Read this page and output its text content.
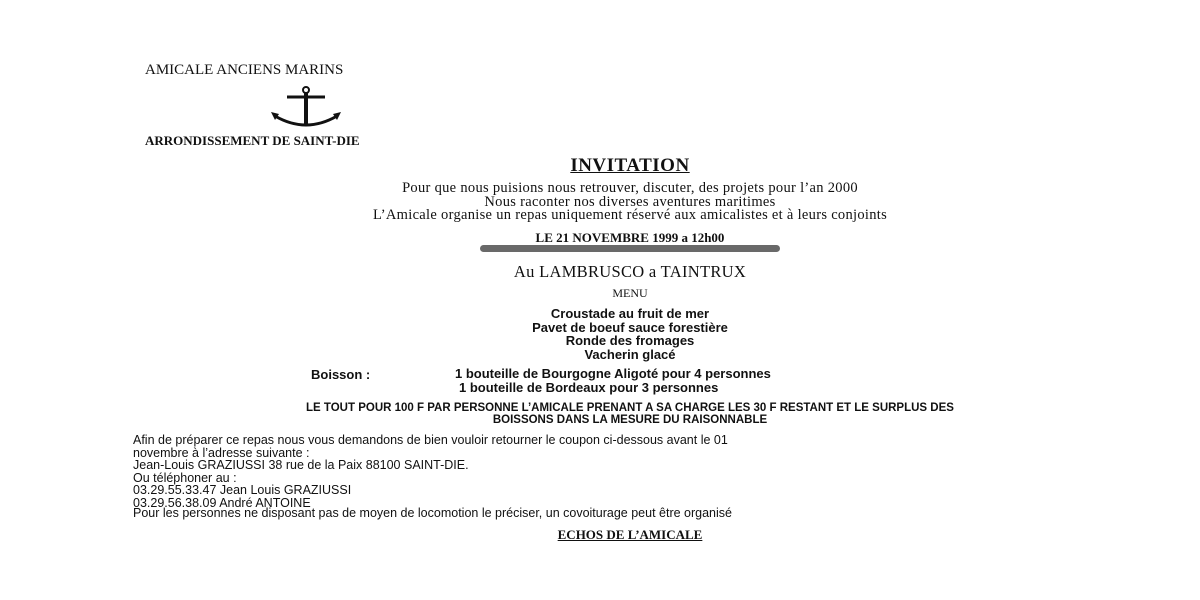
AMICALE ANCIENS MARINS
ARRONDISSEMENT DE SAINT-DIE
INVITATION
Pour que nous puisions nous retrouver, discuter, des projets pour l’an 2000
Nous raconter nos diverses aventures maritimes
L’Amicale organise un repas uniquement réservé aux amicalistes et à leurs conjoints
LE 21 NOVEMBRE 1999 a 12h00
Au LAMBRUSCO a TAINTRUX
MENU
Croustade au fruit de mer
Pavet de boeuf sauce forestière
Ronde des fromages
Vacherin glacé
Boisson :	1 bouteille de Bourgogne Aligoté pour 4 personnes
1 bouteille de Bordeaux pour 3 personnes
LE TOUT POUR 100 F PAR PERSONNE L’AMICALE PRENANT A SA CHARGE LES 30 F RESTANT ET LE SURPLUS DES
BOISSONS DANS LA MESURE DU RAISONNABLE
Afin de préparer ce repas nous vous demandons de bien vouloir retourner le coupon ci-dessous avant le 01
novembre à l’adresse suivante :
Jean-Louis GRAZIUSSI 38 rue de la Paix 88100 SAINT-DIE.
Ou téléphoner au :
03.29.55.33.47 Jean Louis GRAZIUSSI
03.29.56.38.09 André ANTOINE
Pour les personnes ne disposant pas de moyen de locomotion le préciser, un covoiturage peut être organisé
ECHOS DE L’AMICALE
